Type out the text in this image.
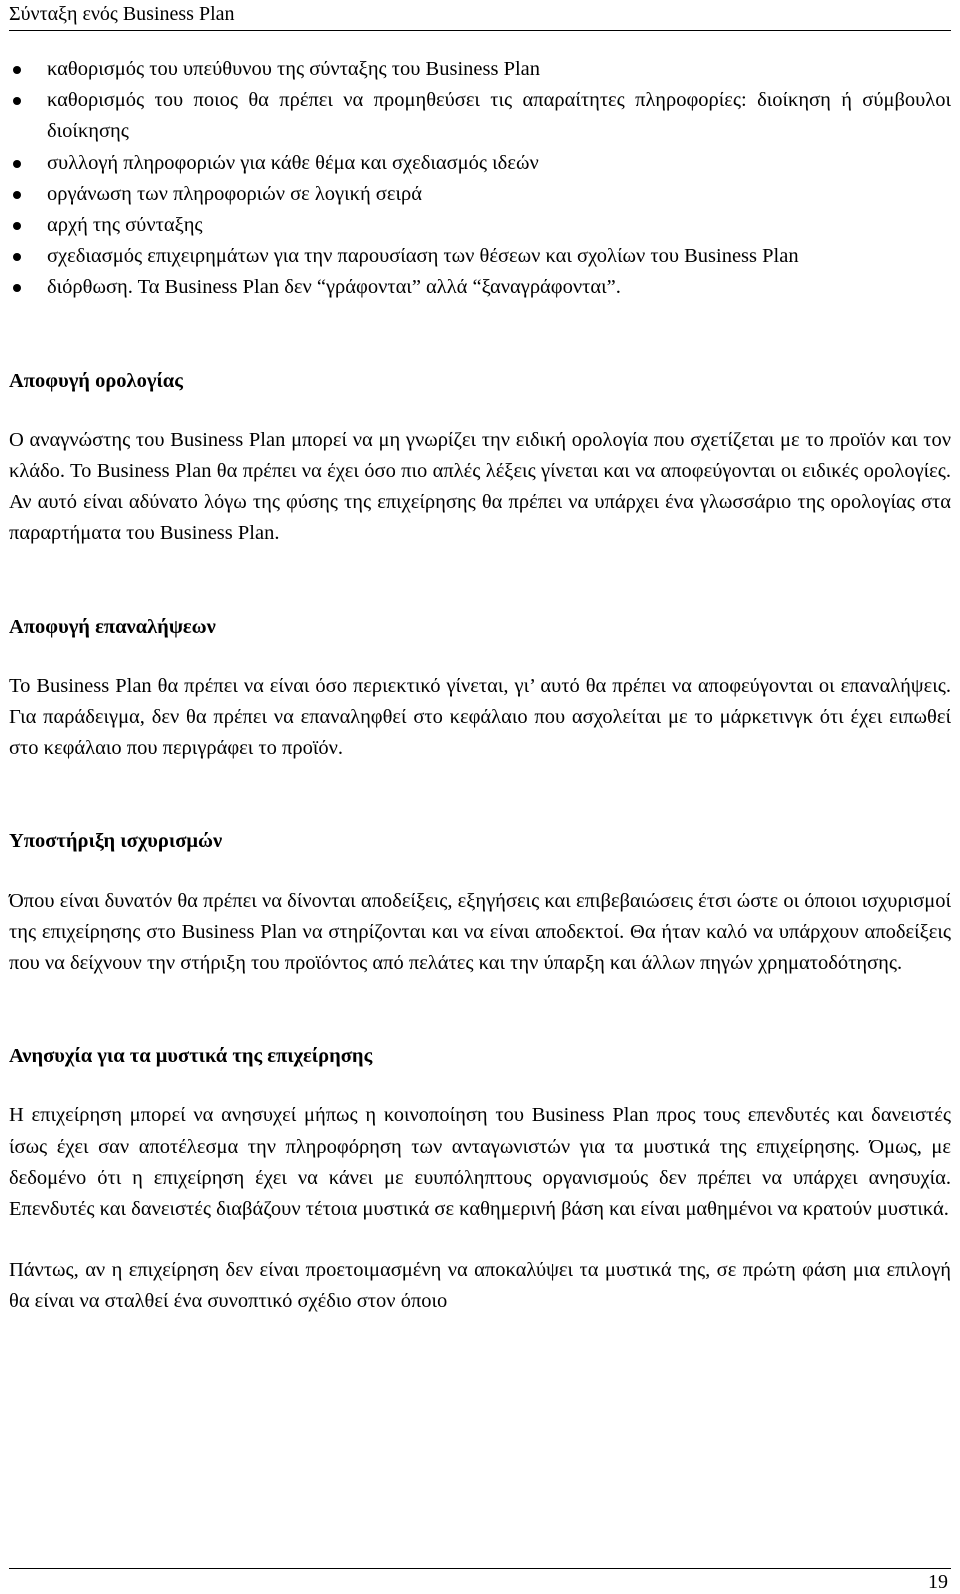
Σύνταξη ενός Business Plan
καθορισμός του υπεύθυνου της σύνταξης του Business Plan
καθορισμός του ποιος θα πρέπει να προμηθεύσει τις απαραίτητες πληροφορίες: διοίκηση ή σύμβουλοι διοίκησης
συλλογή πληροφοριών για κάθε θέμα και σχεδιασμός ιδεών
οργάνωση των πληροφοριών σε λογική σειρά
αρχή της σύνταξης
σχεδιασμός επιχειρημάτων για την παρουσίαση των θέσεων και σχολίων του Business Plan
διόρθωση. Τα Business Plan δεν “γράφονται” αλλά “ξαναγράφονται”.
Αποφυγή ορολογίας

Ο αναγνώστης του Business Plan μπορεί να μη γνωρίζει την ειδική ορολογία που σχετίζεται με το προϊόν και τον κλάδο. Το Business Plan θα πρέπει να έχει όσο πιο απλές λέξεις γίνεται και να αποφεύγονται οι ειδικές ορολογίες. Αν αυτό είναι αδύνατο λόγω της φύσης της επιχείρησης θα πρέπει να υπάρχει ένα γλωσσάριο της ορολογίας στα παραρτήματα του Business Plan.

Αποφυγή επαναλήψεων

Το Business Plan θα πρέπει να είναι όσο περιεκτικό γίνεται, γι’ αυτό θα πρέπει να αποφεύγονται οι επαναλήψεις. Για παράδειγμα, δεν θα πρέπει να επαναληφθεί στο κεφάλαιο που ασχολείται με το μάρκετινγκ ότι έχει ειπωθεί στο κεφάλαιο που περιγράφει το προϊόν.

Υποστήριξη ισχυρισμών

Όπου είναι δυνατόν θα πρέπει να δίνονται αποδείξεις, εξηγήσεις και επιβεβαιώσεις έτσι ώστε οι όποιοι ισχυρισμοί της επιχείρησης στο Business Plan να στηρίζονται και να είναι αποδεκτοί. Θα ήταν καλό να υπάρχουν αποδείξεις που να δείχνουν την στήριξη του προϊόντος από πελάτες και την ύπαρξη και άλλων πηγών χρηματοδότησης.

Ανησυχία για τα μυστικά της επιχείρησης

Η επιχείρηση μπορεί να ανησυχεί μήπως η κοινοποίηση του Business Plan προς τους επενδυτές και δανειστές ίσως έχει σαν αποτέλεσμα την πληροφόρηση των ανταγωνιστών για τα μυστικά της επιχείρησης. Όμως, με δεδομένο ότι η επιχείρηση έχει να κάνει με ευυπόληπτους οργανισμούς δεν πρέπει να υπάρχει ανησυχία. Επενδυτές και δανειστές διαβάζουν τέτοια μυστικά σε καθημερινή βάση και είναι μαθημένοι να κρατούν μυστικά.

Πάντως, αν η επιχείρηση δεν είναι προετοιμασμένη να αποκαλύψει τα μυστικά της, σε πρώτη φάση μια επιλογή θα είναι να σταλθεί ένα συνοπτικό σχέδιο στον όποιο

19
